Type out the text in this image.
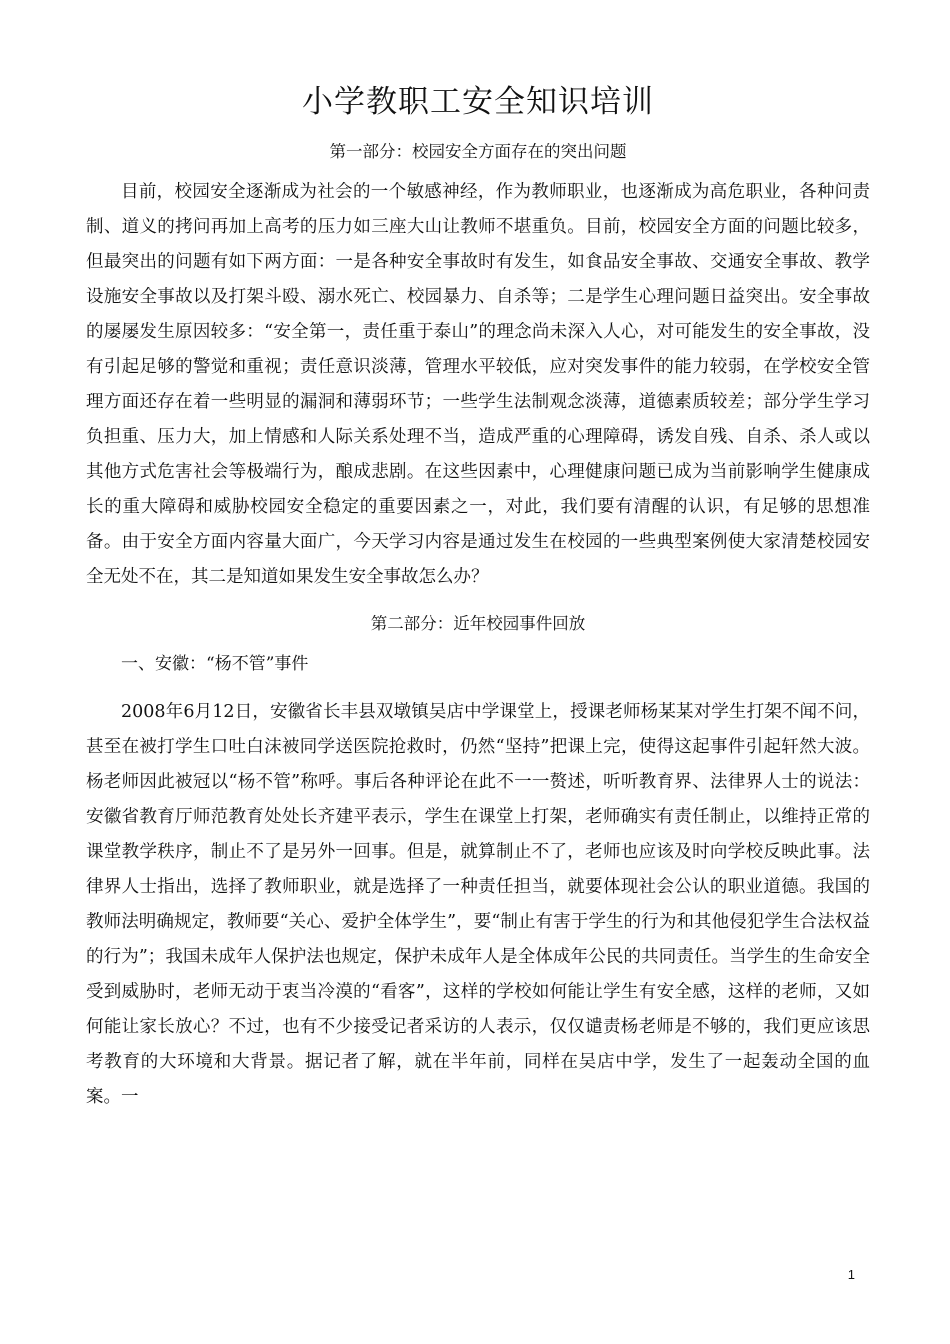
小学教职工安全知识培训

第一部分：校园安全方面存在的突出问题

目前，校园安全逐渐成为社会的一个敏感神经，作为教师职业，也逐渐成为高危职业，各种问责制、道义的拷问再加上高考的压力如三座大山让教师不堪重负。目前，校园安全方面的问题比较多，但最突出的问题有如下两方面：一是各种安全事故时有发生，如食品安全事故、交通安全事故、教学设施安全事故以及打架斗殴、溺水死亡、校园暴力、自杀等；二是学生心理问题日益突出。安全事故的屡屡发生原因较多：“安全第一，责任重于泰山”的理念尚未深入人心，对可能发生的安全事故，没有引起足够的警觉和重视；责任意识淡薄，管理水平较低，应对突发事件的能力较弱，在学校安全管理方面还存在着一些明显的漏洞和薄弱环节；一些学生法制观念淡薄，道德素质较差；部分学生学习负担重、压力大，加上情感和人际关系处理不当，造成严重的心理障碍，诱发自残、自杀、杀人或以其他方式危害社会等极端行为，酿成悲剧。在这些因素中，心理健康问题已成为当前影响学生健康成长的重大障碍和威胁校园安全稳定的重要因素之一，对此，我们要有清醒的认识，有足够的思想准备。由于安全方面内容量大面广，今天学习内容是通过发生在校园的一些典型案例使大家清楚校园安全无处不在，其二是知道如果发生安全事故怎么办？

第二部分：近年校园事件回放

一、安徽：“杨不管”事件

2008年6月12日，安徽省长丰县双墩镇吴店中学课堂上，授课老师杨某某对学生打架不闻不问，甚至在被打学生口吐白沫被同学送医院抢救时，仍然“坚持”把课上完，使得这起事件引起轩然大波。杨老师因此被冠以“杨不管”称呼。事后各种评论在此不一一赘述，听听教育界、法律界人士的说法：安徽省教育厅师范教育处处长齐建平表示，学生在课堂上打架，老师确实有责任制止，以维持正常的课堂教学秩序，制止不了是另外一回事。但是，就算制止不了，老师也应该及时向学校反映此事。法律界人士指出，选择了教师职业，就是选择了一种责任担当，就要体现社会公认的职业道德。我国的教师法明确规定，教师要“关心、爱护全体学生”，要“制止有害于学生的行为和其他侵犯学生合法权益的行为”；我国未成年人保护法也规定，保护未成年人是全体成年公民的共同责任。当学生的生命安全受到威胁时，老师无动于衷当冷漠的“看客”，这样的学校如何能让学生有安全感，这样的老师，又如何能让家长放心？不过，也有不少接受记者采访的人表示，仅仅谴责杨老师是不够的，我们更应该思考教育的大环境和大背景。据记者了解，就在半年前，同样在吴店中学，发生了一起轰动全国的血案。一

1
